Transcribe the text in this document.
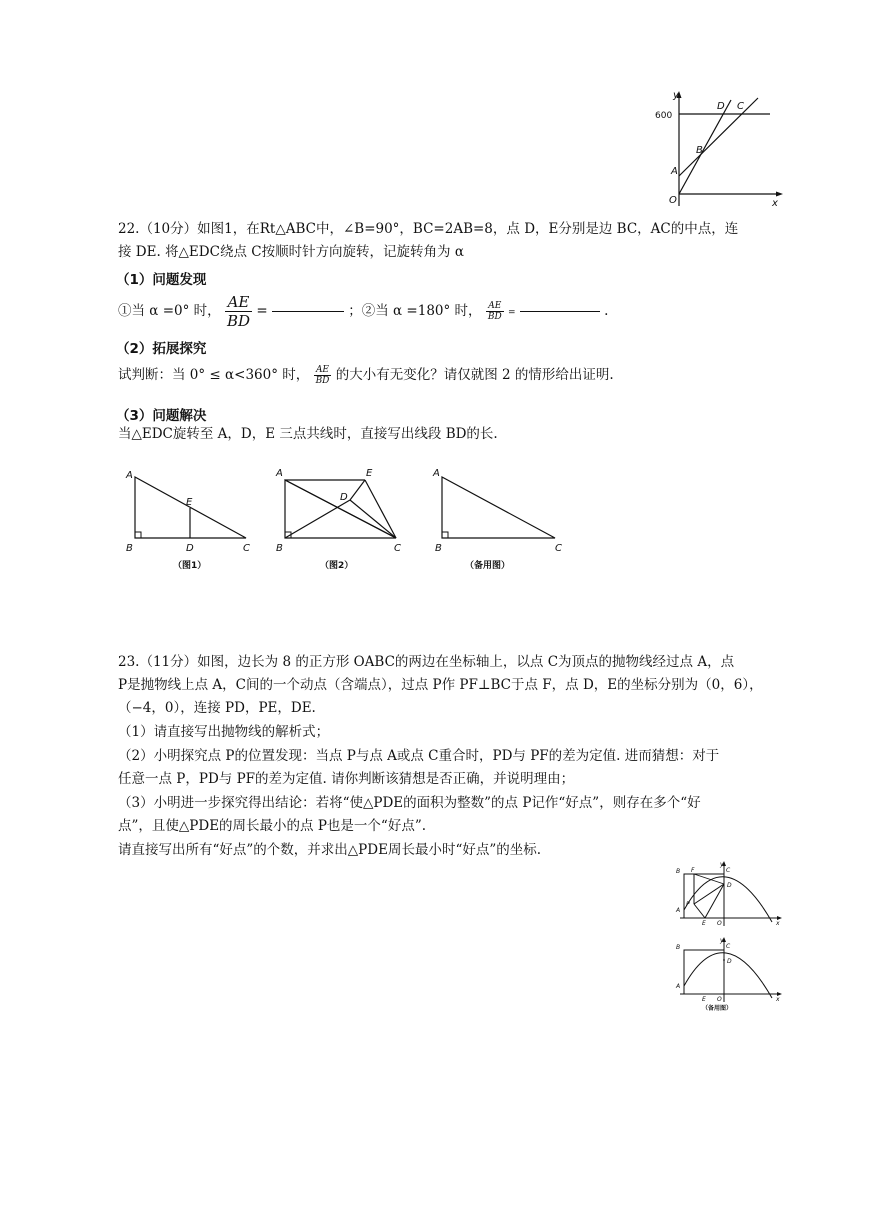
y
x
O
600
D C
B
A
22.（10分）如图1，在Rt△ABC中，∠B=90°，BC=2AB=8，点 D，E分别是边 BC，AC的中点，连
接 DE. 将△EDC绕点 C按顺时针方向旋转，记旋转角为 α
（1）问题发现
①当 α =0° 时， $\frac{AE}{BD}$ =	；②当 α =180° 时， $\frac{AE}{BD}$ =	.
（2）拓展探究
试判断：当 0° ≤ α<360° 时， $\frac{AE}{BD}$ 的大小有无变化？请仅就图 2 的情形给出证明.
（3）问题解决
当△EDC旋转至 A，D，E 三点共线时，直接写出线段 BD的长.
A
B	D	C
E
（图1）
A	E
D
B	C
（图2）
A
B	C
（备用图）
23.（11分）如图，边长为 8 的正方形 OABC的两边在坐标轴上，以点 C为顶点的抛物线经过点 A，点
P是抛物线上点 A，C间的一个动点（含端点），过点 P作 PF⊥BC于点 F，点 D，E的坐标分别为（0，6），
（−4，0），连接 PD，PE，DE.
（1）请直接写出抛物线的解析式；
（2）小明探究点 P的位置发现：当点 P与点 A或点 C重合时，PD与 PF的差为定值. 进而猜想：对于
任意一点 P，PD与 PF的差为定值. 请你判断该猜想是否正确，并说明理由；
（3）小明进一步探究得出结论：若将“使△PDE的面积为整数”的点 P记作“好点”，则存在多个“好
点”，且使△PDE的周长最小的点 P也是一个“好点”.
请直接写出所有“好点”的个数，并求出△PDE周长最小时“好点”的坐标.
B F	C
y
D
P
A
E O	x
B	C
y
D
A
E O	x
（备用图）
